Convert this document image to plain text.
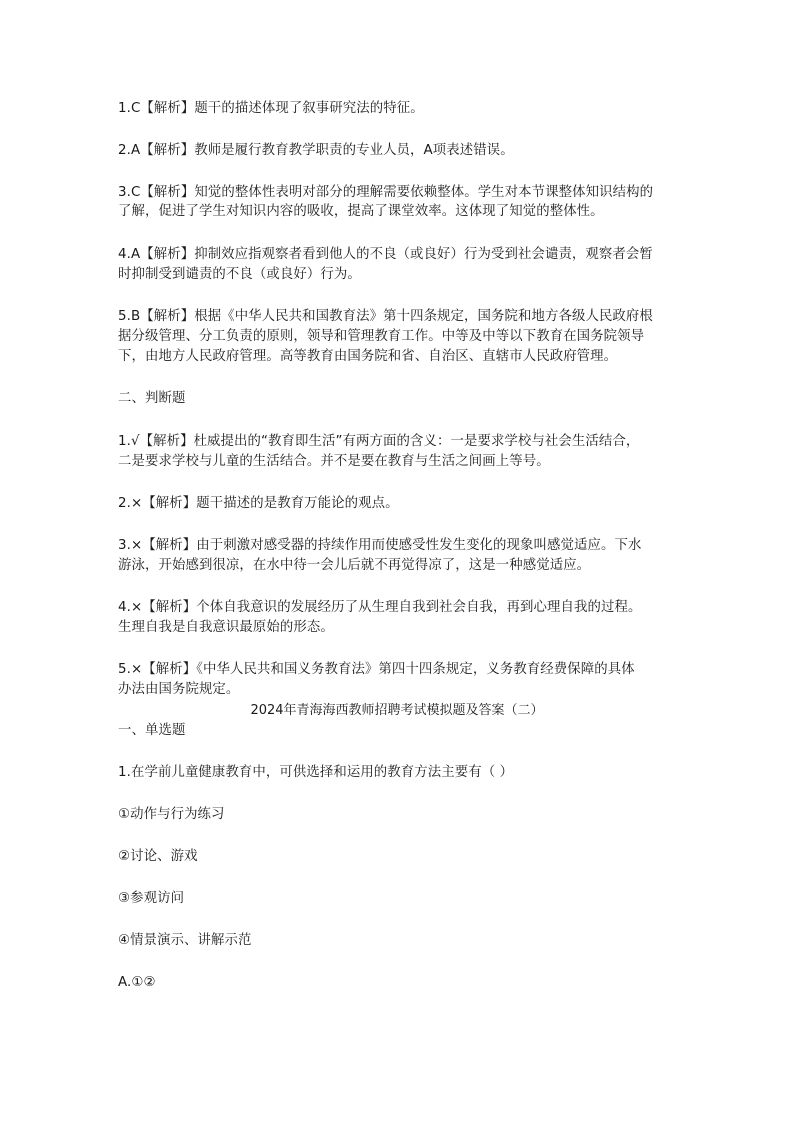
1.C【解析】题干的描述体现了叙事研究法的特征。
2.A【解析】教师是履行教育教学职责的专业人员，A项表述错误。
3.C【解析】知觉的整体性表明对部分的理解需要依赖整体。学生对本节课整体知识结构的
了解，促进了学生对知识内容的吸收，提高了课堂效率。这体现了知觉的整体性。
4.A【解析】抑制效应指观察者看到他人的不良（或良好）行为受到社会谴责，观察者会暂
时抑制受到谴责的不良（或良好）行为。
5.B【解析】根据《中华人民共和国教育法》第十四条规定，国务院和地方各级人民政府根
据分级管理、分工负责的原则，领导和管理教育工作。中等及中等以下教育在国务院领导
下，由地方人民政府管理。高等教育由国务院和省、自治区、直辖市人民政府管理。
二、判断题
1.√【解析】杜威提出的“教育即生活”有两方面的含义：一是要求学校与社会生活结合，
二是要求学校与儿童的生活结合。并不是要在教育与生活之间画上等号。
2.×【解析】题干描述的是教育万能论的观点。
3.×【解析】由于刺激对感受器的持续作用而使感受性发生变化的现象叫感觉适应。下水
游泳，开始感到很凉，在水中待一会儿后就不再觉得凉了，这是一种感觉适应。
4.×【解析】个体自我意识的发展经历了从生理自我到社会自我，再到心理自我的过程。
生理自我是自我意识最原始的形态。
5.×【解析】《中华人民共和国义务教育法》第四十四条规定，义务教育经费保障的具体
办法由国务院规定。
2024年青海海西教师招聘考试模拟题及答案（二）
一、单选题
1.在学前儿童健康教育中，可供选择和运用的教育方法主要有（ ）
①动作与行为练习
②讨论、游戏
③参观访问
④情景演示、讲解示范
A.①②
